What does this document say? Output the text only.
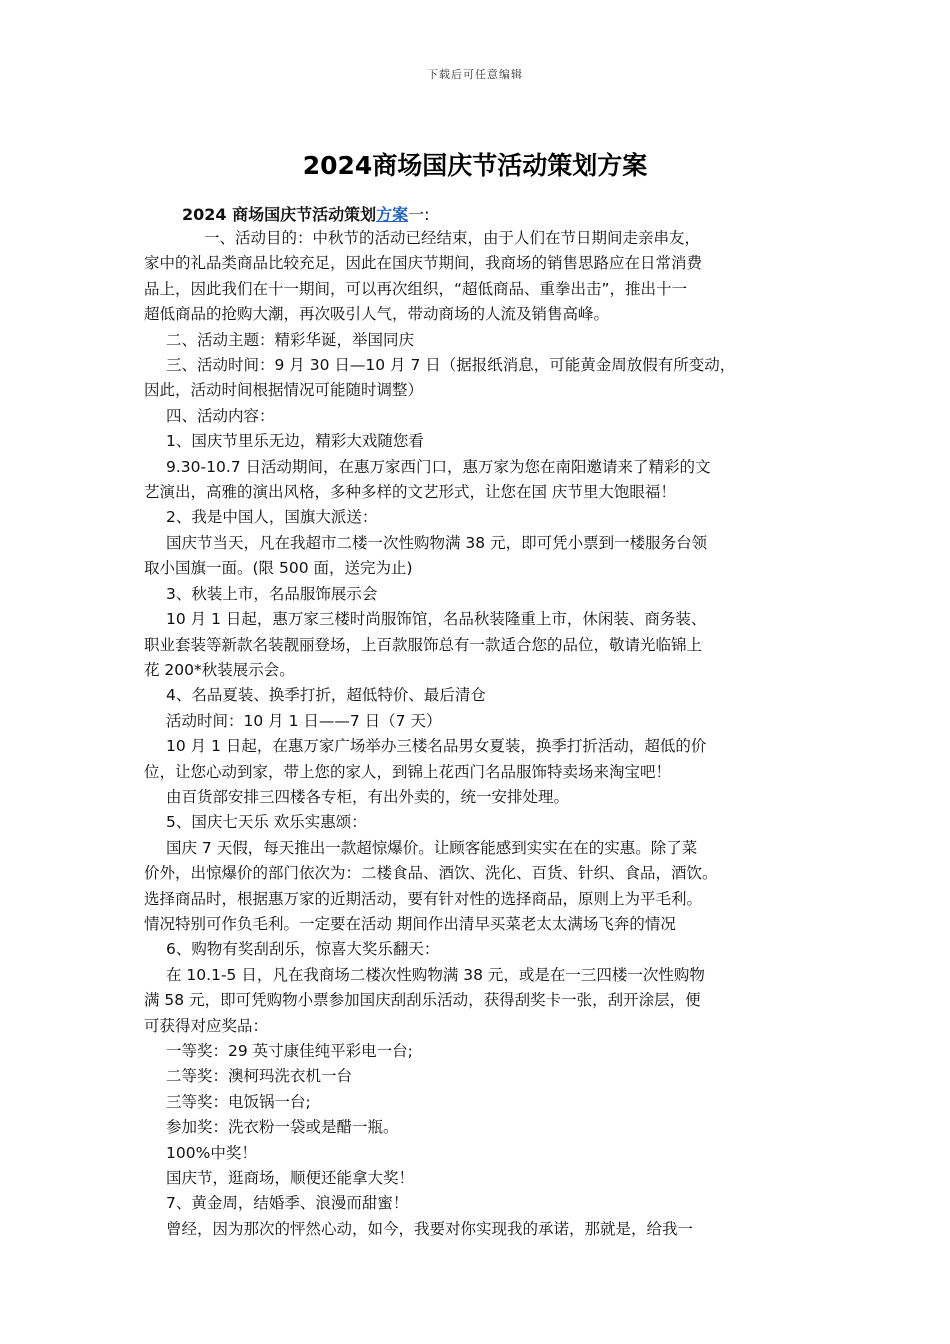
下载后可任意编辑
2024商场国庆节活动策划方案
2024 商场国庆节活动策划方案一:

一、活动目的：中秋节的活动已经结束，由于人们在节日期间走亲串友，

家中的礼品类商品比较充足，因此在国庆节期间，我商场的销售思路应在日常消费

品上，因此我们在十一期间，可以再次组织，“超低商品、重拳出击”，推出十一

超低商品的抢购大潮，再次吸引人气，带动商场的人流及销售高峰。

二、活动主题：精彩华诞，举国同庆

三、活动时间：9 月 30 日—10 月 7 日（据报纸消息，可能黄金周放假有所变动，

因此，活动时间根据情况可能随时调整）

四、活动内容：

1、国庆节里乐无边，精彩大戏随您看

9.30-10.7 日活动期间，在惠万家西门口，惠万家为您在南阳邀请来了精彩的文

艺演出，高雅的演出风格，多种多样的文艺形式，让您在国 庆节里大饱眼福！

2、我是中国人，国旗大派送：

国庆节当天，凡在我超市二楼一次性购物满 38 元，即可凭小票到一楼服务台领

取小国旗一面。(限 500 面，送完为止)

3、秋装上市，名品服饰展示会

10 月 1 日起，惠万家三楼时尚服饰馆，名品秋装隆重上市，休闲装、商务装、

职业套装等新款名装靓丽登场，上百款服饰总有一款适合您的品位，敬请光临锦上

花 200*秋装展示会。

4、名品夏装、换季打折，超低特价、最后清仓

活动时间：10 月 1 日——7 日（7 天）

10 月 1 日起，在惠万家广场举办三楼名品男女夏装，换季打折活动，超低的价

位，让您心动到家，带上您的家人，到锦上花西门名品服饰特卖场来淘宝吧！

由百货部安排三四楼各专柜，有出外卖的，统一安排处理。

5、国庆七天乐 欢乐实惠颂：

国庆 7 天假，每天推出一款超惊爆价。让顾客能感到实实在在的实惠。除了菜

价外，出惊爆价的部门依次为：二楼食品、酒饮、洗化、百货、针织、食品，酒饮。

选择商品时，根据惠万家的近期活动，要有针对性的选择商品，原则上为平毛利。

情况特别可作负毛利。一定要在活动 期间作出清早买菜老太太满场飞奔的情况

6、购物有奖刮刮乐，惊喜大奖乐翻天：

在 10.1-5 日，凡在我商场二楼次性购物满 38 元，或是在一三四楼一次性购物

满 58 元，即可凭购物小票参加国庆刮刮乐活动，获得刮奖卡一张，刮开涂层，便

可获得对应奖品：

一等奖：29 英寸康佳纯平彩电一台;

二等奖：澳柯玛洗衣机一台

三等奖：电饭锅一台;

参加奖：洗衣粉一袋或是醋一瓶。

100%中奖！

国庆节，逛商场，顺便还能拿大奖！

7、黄金周，结婚季、浪漫而甜蜜！

曾经，因为那次的怦然心动，如今，我要对你实现我的承诺，那就是，给我一
